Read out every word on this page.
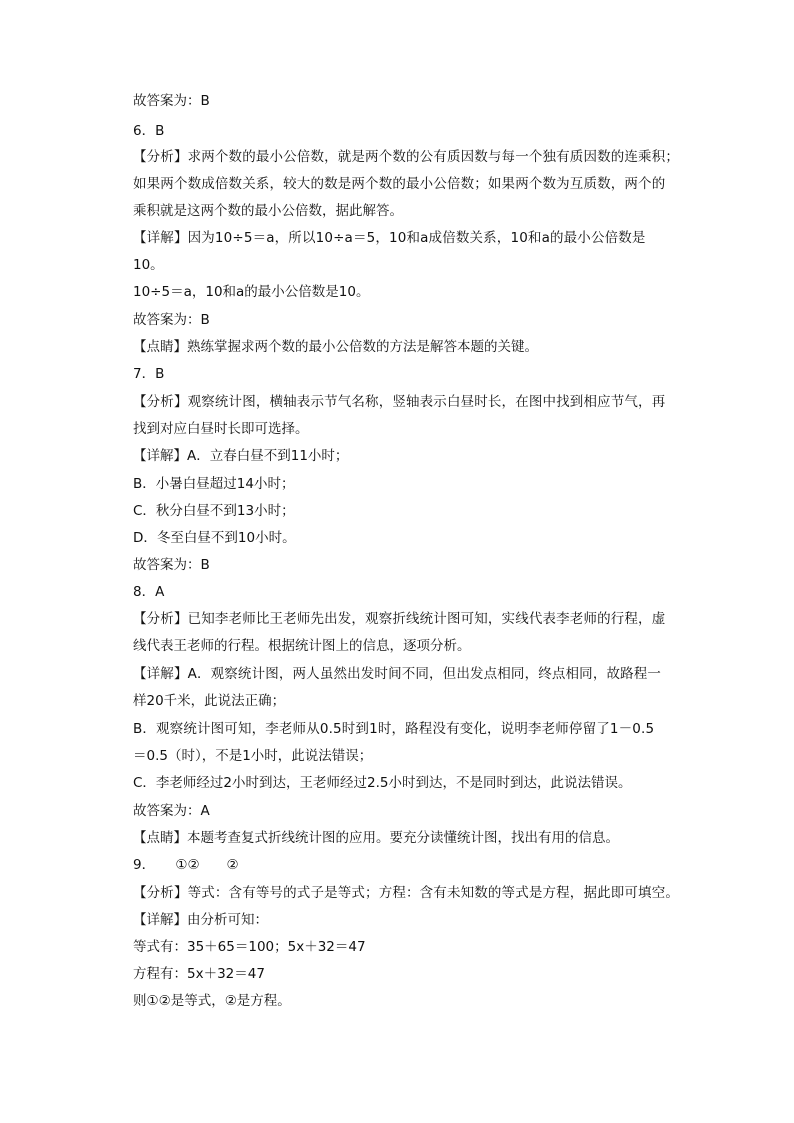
故答案为：B
6．B
【分析】求两个数的最小公倍数，就是两个数的公有质因数与每一个独有质因数的连乘积；
如果两个数成倍数关系，较大的数是两个数的最小公倍数；如果两个数为互质数，两个的
乘积就是这两个数的最小公倍数，据此解答。
【详解】因为10÷5＝a，所以10÷a＝5，10和a成倍数关系，10和a的最小公倍数是
10。
10÷5＝a，10和a的最小公倍数是10。
故答案为：B
【点睛】熟练掌握求两个数的最小公倍数的方法是解答本题的关键。
7．B
【分析】观察统计图，横轴表示节气名称，竖轴表示白昼时长，在图中找到相应节气，再
找到对应白昼时长即可选择。
【详解】A．立春白昼不到11小时；
B．小暑白昼超过14小时；
C．秋分白昼不到13小时；
D．冬至白昼不到10小时。
故答案为：B
8．A
【分析】已知李老师比王老师先出发，观察折线统计图可知，实线代表李老师的行程，虚
线代表王老师的行程。根据统计图上的信息，逐项分析。
【详解】A．观察统计图，两人虽然出发时间不同，但出发点相同，终点相同，故路程一
样20千米，此说法正确；
B．观察统计图可知，李老师从0.5时到1时，路程没有变化，说明李老师停留了1－0.5
＝0.5（时），不是1小时，此说法错误；
C．李老师经过2小时到达，王老师经过2.5小时到达，不是同时到达，此说法错误。
故答案为：A
【点睛】本题考查复式折线统计图的应用。要充分读懂统计图，找出有用的信息。
9．　　①②　　②
【分析】等式：含有等号的式子是等式；方程：含有未知数的等式是方程，据此即可填空。
【详解】由分析可知：
等式有：35＋65＝100；5x＋32＝47
方程有：5x＋32＝47
则①②是等式，②是方程。
